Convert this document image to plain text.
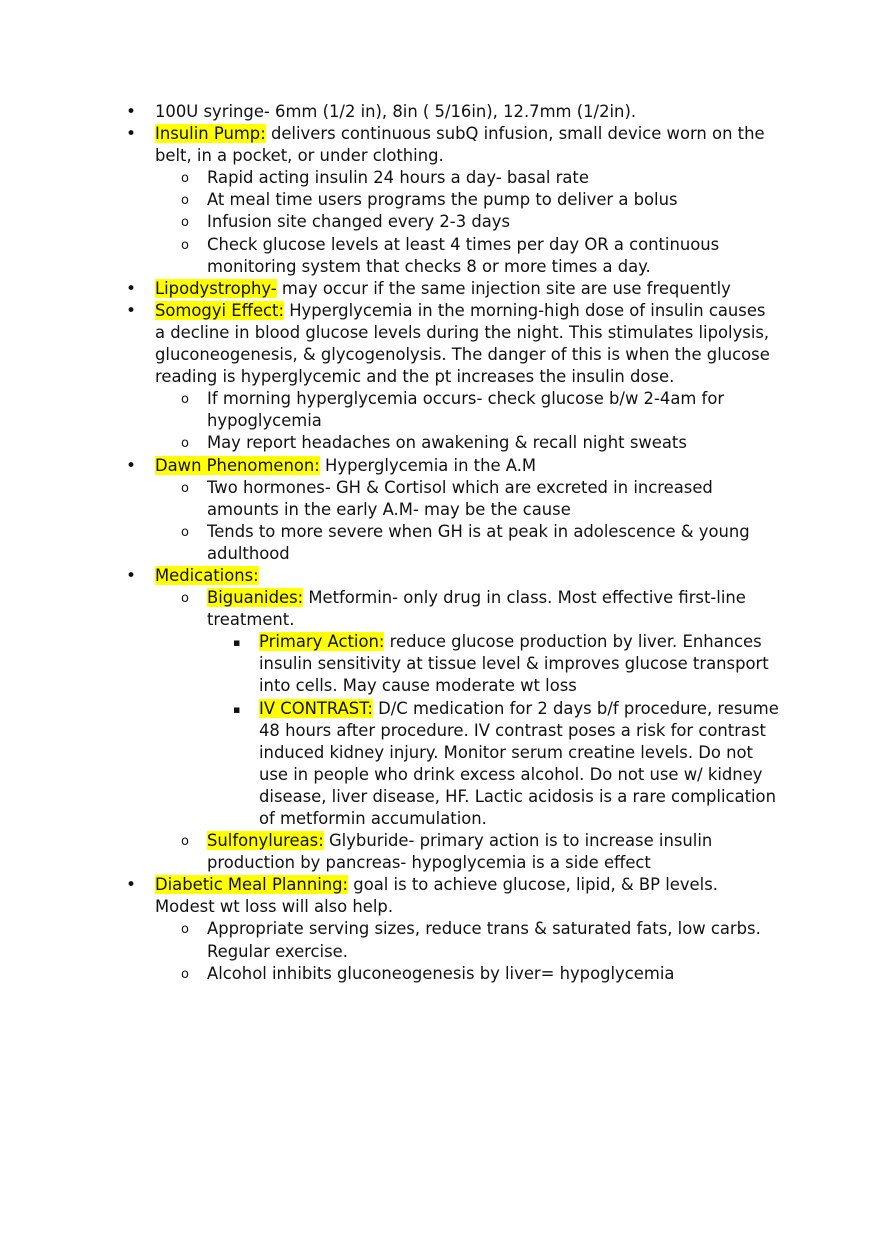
• 100U syringe- 6mm (1/2 in), 8in ( 5/16in), 12.7mm (1/2in).
• Insulin Pump: delivers continuous subQ infusion, small device worn on the belt, in a pocket, or under clothing.
o Rapid acting insulin 24 hours a day- basal rate
o At meal time users programs the pump to deliver a bolus
o Infusion site changed every 2-3 days
o Check glucose levels at least 4 times per day OR a continuous monitoring system that checks 8 or more times a day.
• Lipodystrophy- may occur if the same injection site are use frequently
• Somogyi Effect: Hyperglycemia in the morning-high dose of insulin causes a decline in blood glucose levels during the night. This stimulates lipolysis, gluconeogenesis, & glycogenolysis. The danger of this is when the glucose reading is hyperglycemic and the pt increases the insulin dose.
o If morning hyperglycemia occurs- check glucose b/w 2-4am for hypoglycemia
o May report headaches on awakening & recall night sweats
• Dawn Phenomenon: Hyperglycemia in the A.M
o Two hormones- GH & Cortisol which are excreted in increased amounts in the early A.M- may be the cause
o Tends to more severe when GH is at peak in adolescence & young adulthood
• Medications:
o Biguanides: Metformin- only drug in class. Most effective first-line treatment.
▪ Primary Action: reduce glucose production by liver. Enhances insulin sensitivity at tissue level & improves glucose transport into cells. May cause moderate wt loss
▪ IV CONTRAST: D/C medication for 2 days b/f procedure, resume 48 hours after procedure. IV contrast poses a risk for contrast induced kidney injury. Monitor serum creatine levels. Do not use in people who drink excess alcohol. Do not use w/ kidney disease, liver disease, HF. Lactic acidosis is a rare complication of metformin accumulation.
o Sulfonylureas: Glyburide- primary action is to increase insulin production by pancreas- hypoglycemia is a side effect
• Diabetic Meal Planning: goal is to achieve glucose, lipid, & BP levels. Modest wt loss will also help.
o Appropriate serving sizes, reduce trans & saturated fats, low carbs. Regular exercise.
o Alcohol inhibits gluconeogenesis by liver= hypoglycemia
